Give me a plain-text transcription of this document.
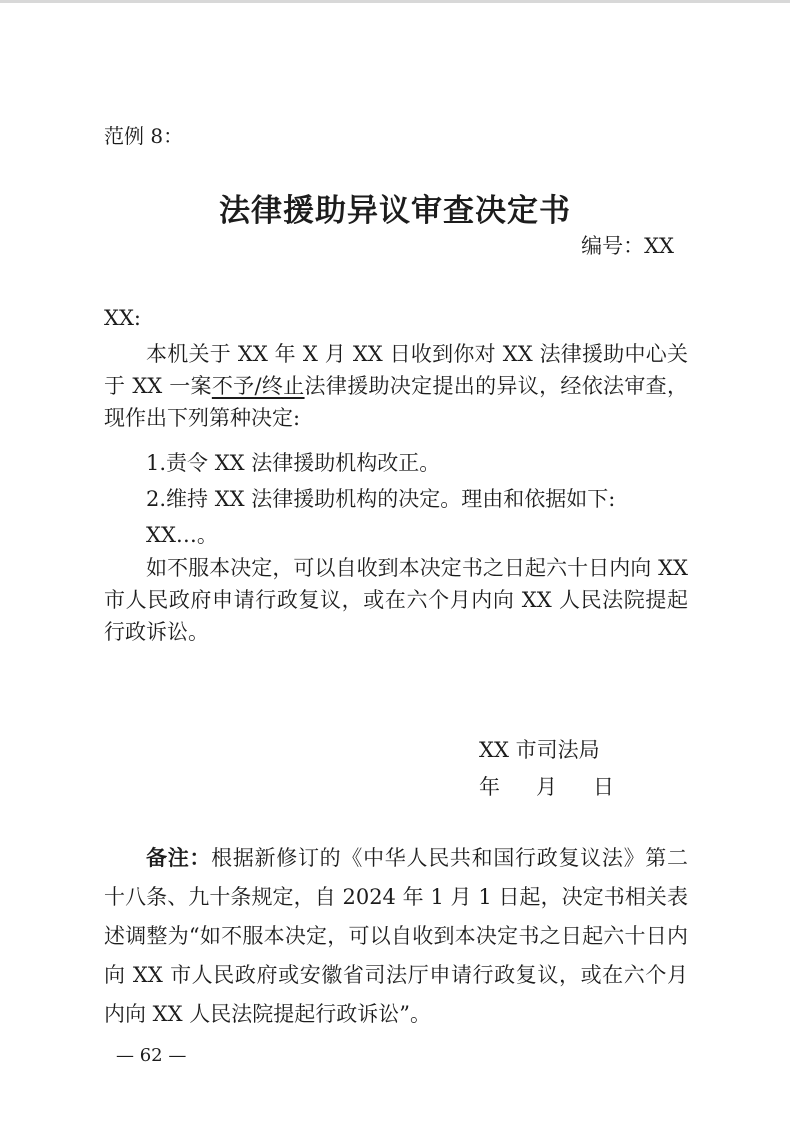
范例 8：
法律援助异议审查决定书
编号：XX
XX:
本机关于 XX 年 X 月 XX 日收到你对 XX 法律援助中心关于 XX 一案不予/终止法律援助决定提出的异议，经依法审查，现作出下列第种决定:
1.责令 XX 法律援助机构改正。
2.维持 XX 法律援助机构的决定。理由和依据如下:
XX…。
如不服本决定，可以自收到本决定书之日起六十日内向 XX 市人民政府申请行政复议，或在六个月内向 XX 人民法院提起行政诉讼。
XX 市司法局
年 月 日
备注：根据新修订的《中华人民共和国行政复议法》第二十八条、九十条规定，自 2024 年 1 月 1 日起，决定书相关表述调整为“如不服本决定，可以自收到本决定书之日起六十日内向 XX 市人民政府或安徽省司法厅申请行政复议，或在六个月内向 XX 人民法院提起行政诉讼”。
— 62 —
